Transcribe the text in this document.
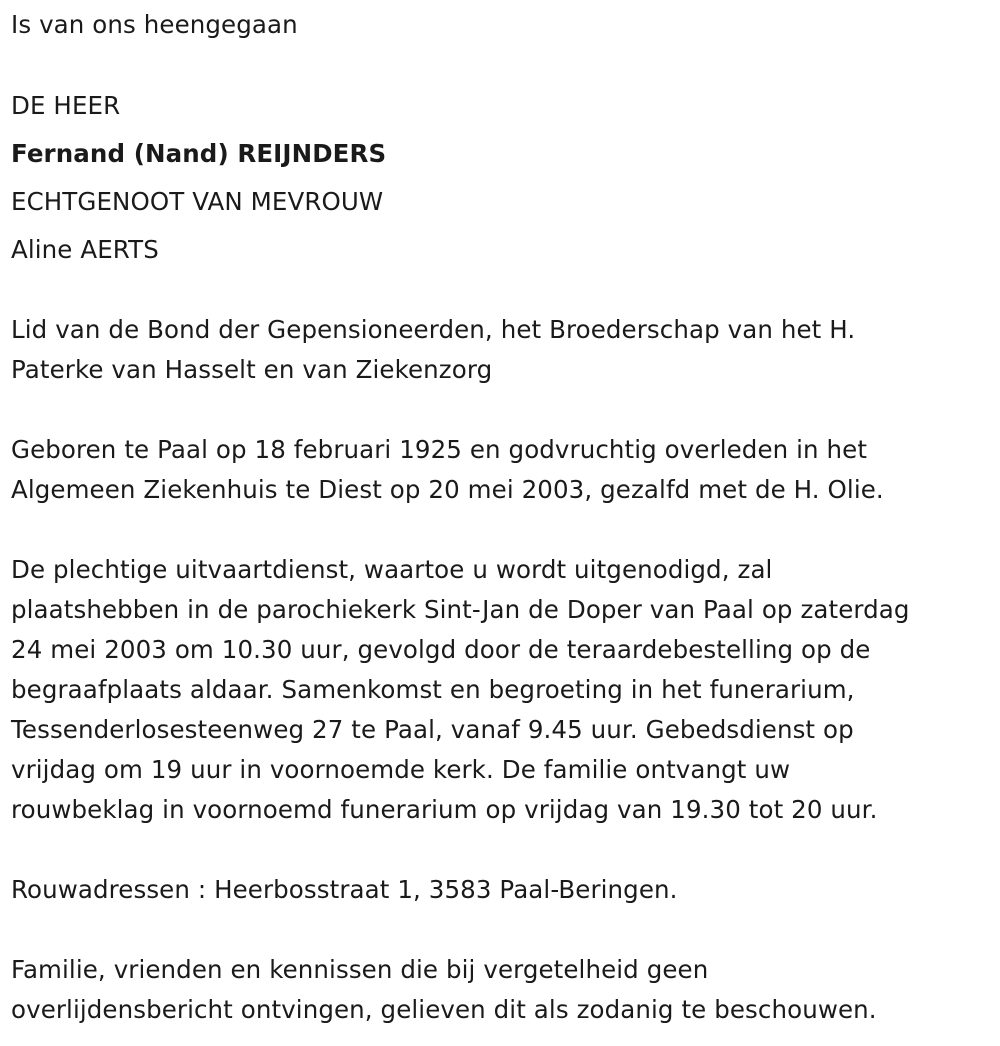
Is van ons heengegaan
DE HEER
Fernand (Nand) REIJNDERS
ECHTGENOOT VAN MEVROUW
Aline AERTS
Lid van de Bond der Gepensioneerden, het Broederschap van het H.
Paterke van Hasselt en van Ziekenzorg
Geboren te Paal op 18 februari 1925 en godvruchtig overleden in het
Algemeen Ziekenhuis te Diest op 20 mei 2003, gezalfd met de H. Olie.
De plechtige uitvaartdienst, waartoe u wordt uitgenodigd, zal
plaatshebben in de parochiekerk Sint-Jan de Doper van Paal op zaterdag
24 mei 2003 om 10.30 uur, gevolgd door de teraardebestelling op de
begraafplaats aldaar. Samenkomst en begroeting in het funerarium,
Tessenderlosesteenweg 27 te Paal, vanaf 9.45 uur. Gebedsdienst op
vrijdag om 19 uur in voornoemde kerk. De familie ontvangt uw
rouwbeklag in voornoemd funerarium op vrijdag van 19.30 tot 20 uur.
Rouwadressen : Heerbosstraat 1, 3583 Paal-Beringen.
Familie, vrienden en kennissen die bij vergetelheid geen
overlijdensbericht ontvingen, gelieven dit als zodanig te beschouwen.
